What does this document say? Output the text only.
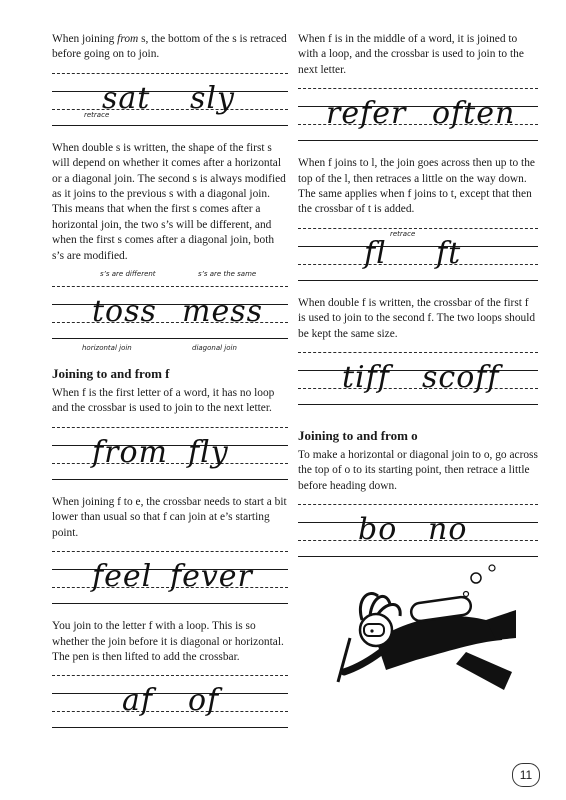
When joining from s, the bottom of the s is retraced before going on to join.

sat sly
retrace

When double s is written, the shape of the first s will depend on whether it comes after a horizontal or a diagonal join. The second s is always modified as it joins to the previous s with a diagonal join. This means that when the first s comes after a horizontal join, the two s’s will be different, and when the first s comes after a diagonal join, both s’s are modified.

s’s are different	s’s are the same
toss mess
horizontal join	diagonal join
Joining to and from f

When f is the first letter of a word, it has no loop and the crossbar is used to join to the next letter.

from fly

When joining f to e, the crossbar needs to start a bit lower than usual so that f can join at e’s starting point.

feel fever

You join to the letter f with a loop. This is so whether the join before it is diagonal or horizontal. The pen is then lifted to add the crossbar.

af of

When f is in the middle of a word, it is joined to with a loop, and the crossbar is used to join to the next letter.

refer often

When f joins to l, the join goes across then up to the top of the l, then retraces a little on the way down. The same applies when f joins to t, except that then the crossbar of t is added.

fl ft
retrace

When double f is written, the crossbar of the first f is used to join to the second f. The two loops should be kept the same size.

tiff scoff
Joining to and from o

To make a horizontal or diagonal join to o, go across the top of o to its starting point, then retrace a little before heading down.

bo no
11
